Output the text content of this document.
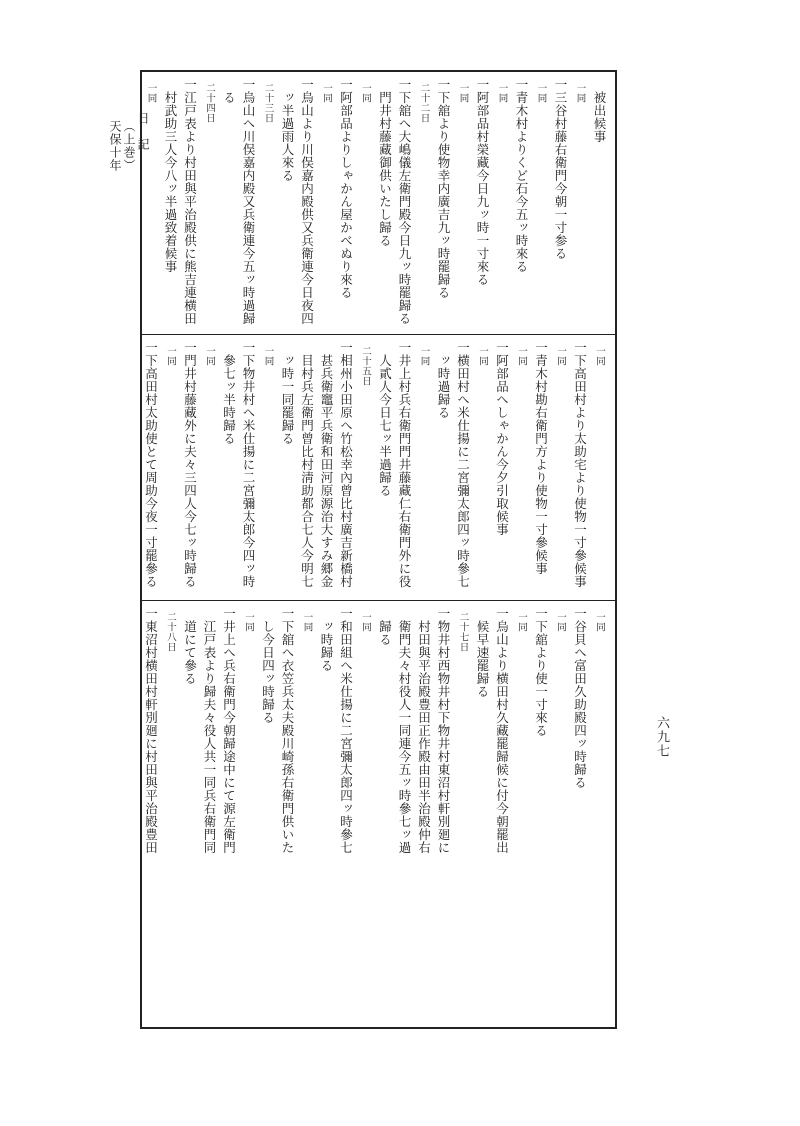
日　記
（上巻）
天保十年
被出候事
一同
一三谷村藤右衛門今朝一寸参る
一同
一青木村よりくど石今五ッ時來る
一同
一阿部品村榮藏今日九ッ時一寸來る
一同
一下舘より使物幸内廣吉九ッ時罷歸る
二十二日
一下舘へ大嶋儀左衛門殿今日九ッ時罷歸る
門井村藤藏御供いたし歸る
一同
一阿部品よりしゃかん屋かべぬり來る
一同
一烏山より川俣嘉内殿供又兵衛連今日夜四
ッ半過雨人來る
二十三日
一烏山へ川俣嘉内殿又兵衛連今五ッ時過歸
る
二十四日
一江戸表より村田與平治殿供に熊吉連横田
村武助三人今八ッ半過致着候事
一同
一同
一下高田村より太助宅より使物一寸參候事
一同
一青木村勘右衛門方より使物一寸參候事
一同
一阿部品へしゃかん今夕引取候事
一同
一横田村へ米仕揚に二宮彌太郎四ッ時參七
ッ時過歸る
一同
一井上村兵右衛門門井藤藏仁右衛門外に役
人貳人今日七ッ半過歸る
二十五日
一相州小田原へ竹松幸內曾比村廣吉新橋村
甚兵衛竈平兵衛和田河原源治大すみ郷金
目村兵左衛門曾比村淸助都合七人今明七
ッ時一同罷歸る
一同
一下物井村へ米仕揚に二宮彌太郎今四ッ時
參七ッ半時歸る
一同
一門井村藤藏外に夫々三四人今七ッ時歸る
一同
一下高田村太助使とて周助今夜一寸罷參る
一同
一谷貝へ富田久助殿四ッ時歸る
一同
一下舘より使一寸來る
一同
一烏山より横田村久藏罷歸候に付今朝罷出
候早速罷歸る
二十七日
一物井村西物井村下物井村東沼村軒別廻に
村田與平治殿豊田正作殿由田半治殿仲右
衛門夫々村役人一同連今五ッ時參七ッ過
歸る
一同
一和田組へ米仕揚に二宮彌太郎四ッ時參七
ッ時歸る
一同
一下舘へ衣笠兵太夫殿川崎孫右衛門供いた
し今日四ッ時歸る
一同
一井上へ兵右衛門今朝歸途中にて源左衛門
江戸表より歸夫々役人共一同兵右衛門同
道にて參る
二十八日
一東沼村横田村軒別廻に村田與平治殿豊田	六九七
